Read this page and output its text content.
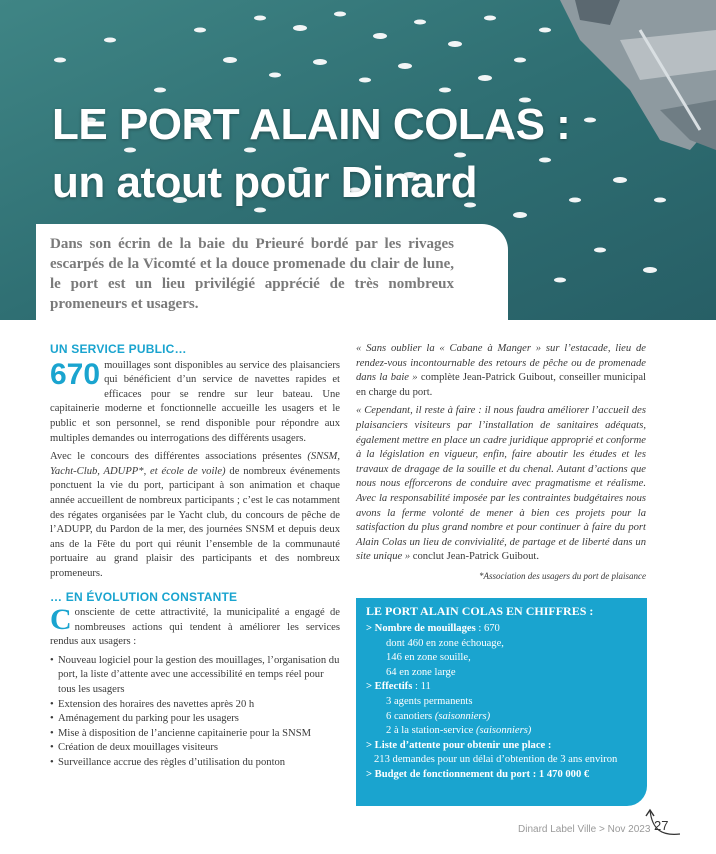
LE PORT ALAIN COLAS :
un atout pour Dinard

Dans son écrin de la baie du Prieuré bordé par les rivages escarpés de la Vicomté et la douce promenade du clair de lune, le port est un lieu privilégié apprécié de très nombreux promeneurs et usagers.

UN SERVICE PUBLIC…

670 mouillages sont disponibles au service des plaisanciers qui bénéficient d’un service de navettes rapides et efficaces pour se rendre sur leur bateau. Une capitainerie moderne et fonctionnelle accueille les usagers et le public et son personnel, se rend disponible pour répondre aux multiples demandes ou interrogations des différents usagers.

Avec le concours des différentes associations présentes (SNSM, Yacht-Club, ADUPP*, et école de voile) de nombreux événements ponctuent la vie du port, participant à son animation et chaque année accueillent de nombreux participants ; c’est le cas notamment des régates organisées par le Yacht club, du concours de pêche de l’ADUPP, du Pardon de la mer, des journées SNSM et depuis deux ans de la Fête du port qui réunit l’ensemble de la communauté portuaire au grand plaisir des participants et des nombreux promeneurs.

… EN ÉVOLUTION CONSTANTE

Consciente de cette attractivité, la municipalité a engagé de nombreuses actions qui tendent à améliorer les services rendus aux usagers :

• Nouveau logiciel pour la gestion des mouillages, l’organisation du port, la liste d’attente avec une accessibilité en temps réel pour tous les usagers
• Extension des horaires des navettes après 20 h
• Aménagement du parking pour les usagers
• Mise à disposition de l’ancienne capitainerie pour la SNSM
• Création de deux mouillages visiteurs
• Surveillance accrue des règles d’utilisation du ponton

« Sans oublier la « Cabane à Manger » sur l’estacade, lieu de rendez-vous incontournable des retours de pêche ou de promenade dans la baie » complète Jean-Patrick Guibout, conseiller municipal en charge du port.

« Cependant, il reste à faire : il nous faudra améliorer l’accueil des plaisanciers visiteurs par l’installation de sanitaires adéquats, également mettre en place un cadre juridique approprié et conforme à la législation en vigueur, enfin, faire aboutir les études et les travaux de dragage de la souille et du chenal. Autant d’actions que nous nous efforcerons de conduire avec pragmatisme et réalisme. Avec la responsabilité imposée par les contraintes budgétaires nous avons la ferme volonté de mener à bien ces projets pour la satisfaction du plus grand nombre et pour continuer à faire du port Alain Colas un lieu de convivialité, de partage et de liberté dans un site unique » conclut Jean-Patrick Guibout.

*Association des usagers du port de plaisance

LE PORT ALAIN COLAS EN CHIFFRES :
> Nombre de mouillages : 670
dont 460 en zone échouage,
146 en zone souille,
64 en zone large
> Effectifs : 11
3 agents permanents
6 canotiers (saisonniers)
2 à la station-service (saisonniers)
> Liste d’attente pour obtenir une place :
213 demandes pour un délai d’obtention de 3 ans environ
> Budget de fonctionnement du port : 1 470 000 €
Dinard Label Ville > Nov 2023 27
